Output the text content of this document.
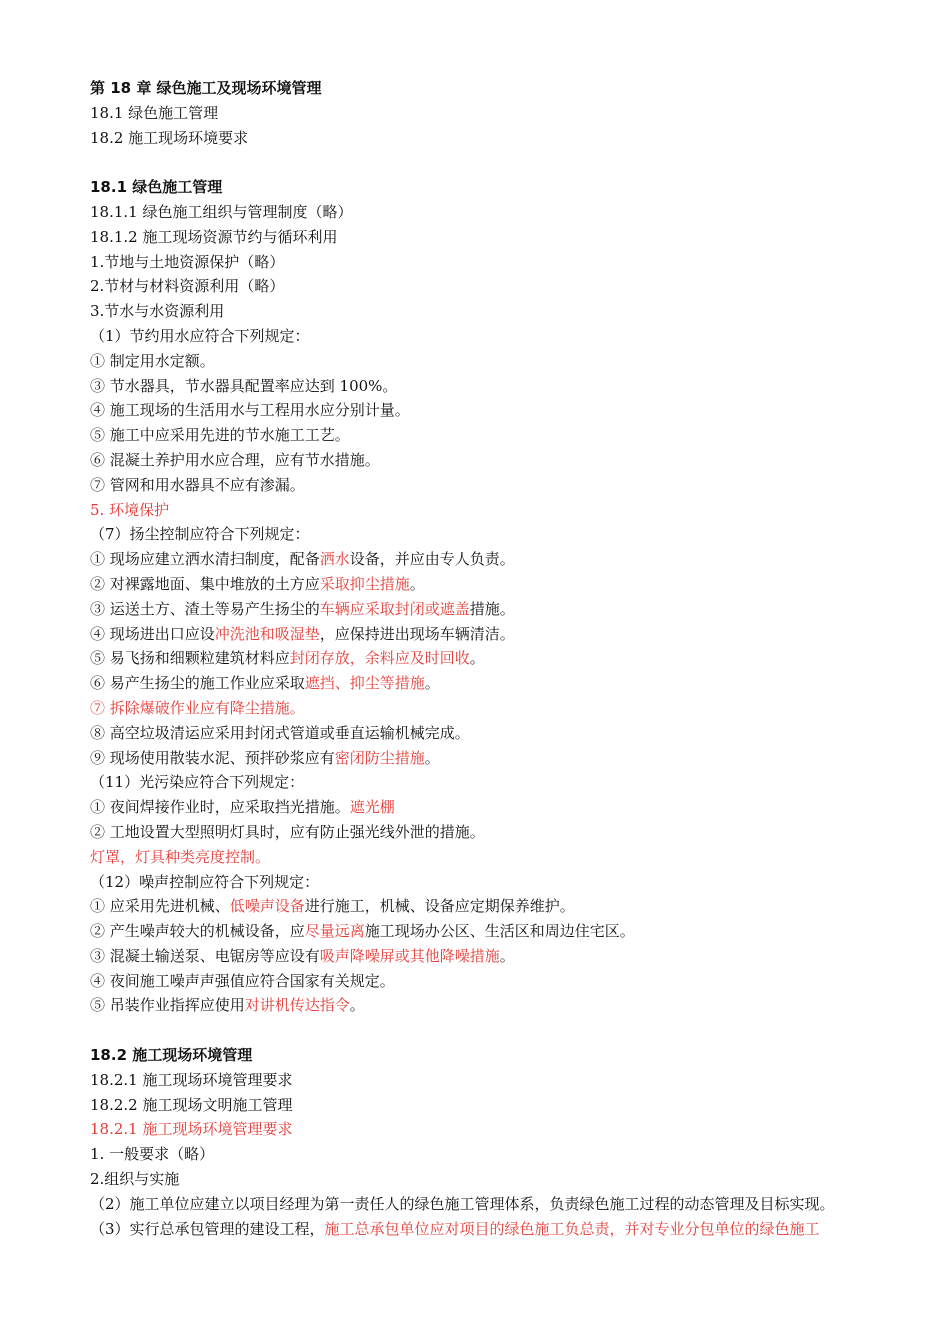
第 18 章 绿色施工及现场环境管理
18.1 绿色施工管理
18.2 施工现场环境要求
18.1 绿色施工管理
18.1.1 绿色施工组织与管理制度（略）
18.1.2 施工现场资源节约与循环利用
1.节地与土地资源保护（略）
2.节材与材料资源利用（略）
3.节水与水资源利用
（1）节约用水应符合下列规定：
① 制定用水定额。
③ 节水器具，节水器具配置率应达到 100%。
④ 施工现场的生活用水与工程用水应分别计量。
⑤ 施工中应采用先进的节水施工工艺。
⑥ 混凝土养护用水应合理，应有节水措施。
⑦ 管网和用水器具不应有渗漏。
5. 环境保护
（7）扬尘控制应符合下列规定：
① 现场应建立洒水清扫制度，配备洒水设备，并应由专人负责。
② 对裸露地面、集中堆放的土方应采取抑尘措施。
③ 运送土方、渣土等易产生扬尘的车辆应采取封闭或遮盖措施。
④ 现场进出口应设冲洗池和吸湿垫，应保持进出现场车辆清洁。
⑤ 易飞扬和细颗粒建筑材料应封闭存放，余料应及时回收。
⑥ 易产生扬尘的施工作业应采取遮挡、抑尘等措施。
⑦ 拆除爆破作业应有降尘措施。
⑧ 高空垃圾清运应采用封闭式管道或垂直运输机械完成。
⑨ 现场使用散装水泥、预拌砂浆应有密闭防尘措施。
（11）光污染应符合下列规定：
① 夜间焊接作业时，应采取挡光措施。遮光棚
② 工地设置大型照明灯具时，应有防止强光线外泄的措施。
灯罩，灯具种类亮度控制。
（12）噪声控制应符合下列规定：
① 应采用先进机械、低噪声设备进行施工，机械、设备应定期保养维护。
② 产生噪声较大的机械设备，应尽量远离施工现场办公区、生活区和周边住宅区。
③ 混凝土输送泵、电锯房等应设有吸声降噪屏或其他降噪措施。
④ 夜间施工噪声声强值应符合国家有关规定。
⑤ 吊装作业指挥应使用对讲机传达指令。
18.2 施工现场环境管理
18.2.1 施工现场环境管理要求
18.2.2 施工现场文明施工管理
18.2.1 施工现场环境管理要求
1. 一般要求（略）
2.组织与实施
（2）施工单位应建立以项目经理为第一责任人的绿色施工管理体系，负责绿色施工过程的动态管理及目标实现。
（3）实行总承包管理的建设工程，施工总承包单位应对项目的绿色施工负总责，并对专业分包单位的绿色施工
